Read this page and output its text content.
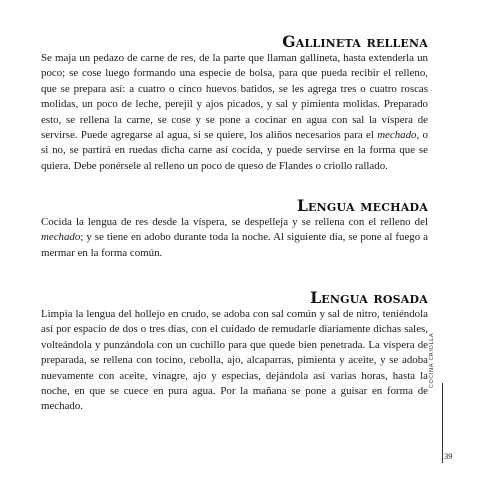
Gallineta rellena

Se maja un pedazo de carne de res, de la parte que llaman gallineta, hasta extenderla un poco; se cose luego formando una especie de bolsa, para que pueda recibir el relleno, que se prepara así: a cuatro o cinco huevos batidos, se les agrega tres o cuatro roscas molidas, un poco de leche, perejil y ajos picados, y sal y pimienta molidas. Preparado esto, se rellena la carne, se cose y se pone a cocinar en agua con sal la víspera de servirse. Puede agregarse al agua, si se quiere, los aliños necesarios para el mechado, o si no, se partirá en ruedas dicha carne así cocida, y puede servirse en la forma que se quiera. Debe ponérsele al relleno un poco de queso de Flandes o criollo rallado.

Lengua mechada

Cocida la lengua de res desde la víspera, se despelleja y se rellena con el relleno del mechado; y se tiene en adobo durante toda la noche. Al siguiente día, se pone al fuego a mermar en la forma común.

Lengua rosada

Limpia la lengua del hollejo en crudo, se adoba con sal común y sal de nitro, teniéndola así por espacio de dos o tres días, con el cuidado de remudarle diariamente dichas sales, volteándola y punzándola con un cuchillo para que quede bien penetrada. La víspera de preparada, se rellena con tocino, cebolla, ajo, alcaparras, pimienta y aceite, y se adoba nuevamente con aceite, vinagre, ajo y especias, dejándola así varias horas, hasta la noche, en que se cuece en pura agua. Por la mañana se pone a guisar en forma de mechado.

COCINA CRIOLLA
39
